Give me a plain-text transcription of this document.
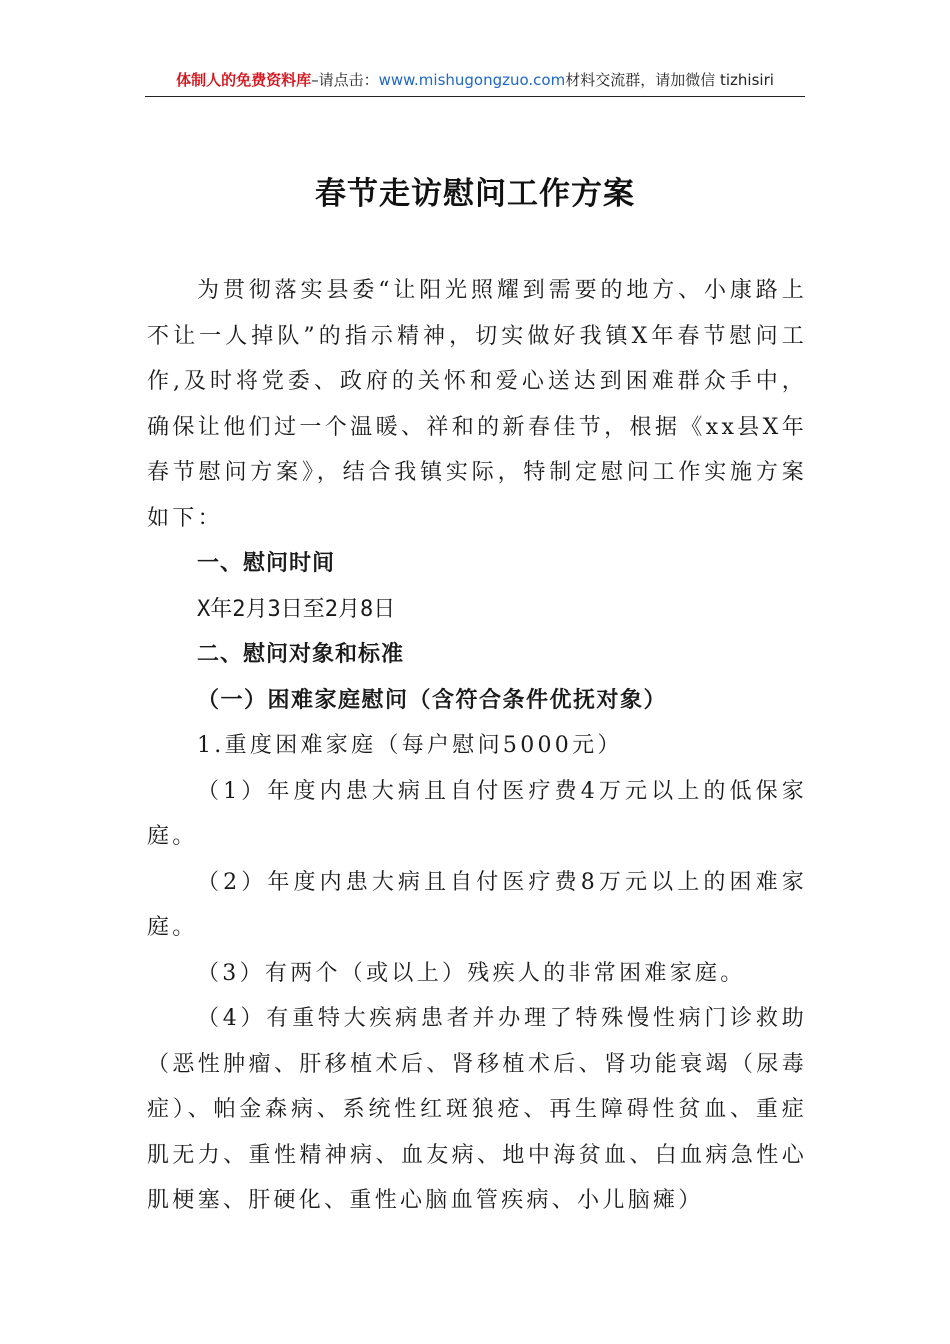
体制人的免费资料库–请点击：www.mishugongzuo.com材料交流群，请加微信 tizhisiri
春节走访慰问工作方案

为贯彻落实县委“让阳光照耀到需要的地方、小康路上不让一人掉队”的指示精神，切实做好我镇X年春节慰问工作,及时将党委、政府的关怀和爱心送达到困难群众手中，确保让他们过一个温暖、祥和的新春佳节，根据《xx县X年春节慰问方案》，结合我镇实际，特制定慰问工作实施方案如下：

一、慰问时间

X年2月3日至2月8日

二、慰问对象和标准

（一）困难家庭慰问（含符合条件优抚对象）

1.重度困难家庭（每户慰问5000元）

（1）年度内患大病且自付医疗费4万元以上的低保家庭。

（2）年度内患大病且自付医疗费8万元以上的困难家庭。

（3）有两个（或以上）残疾人的非常困难家庭。

（4）有重特大疾病患者并办理了特殊慢性病门诊救助（恶性肿瘤、肝移植术后、肾移植术后、肾功能衰竭（尿毒症）、帕金森病、系统性红斑狼疮、再生障碍性贫血、重症肌无力、重性精神病、血友病、地中海贫血、白血病急性心肌梗塞、肝硬化、重性心脑血管疾病、小儿脑瘫）
